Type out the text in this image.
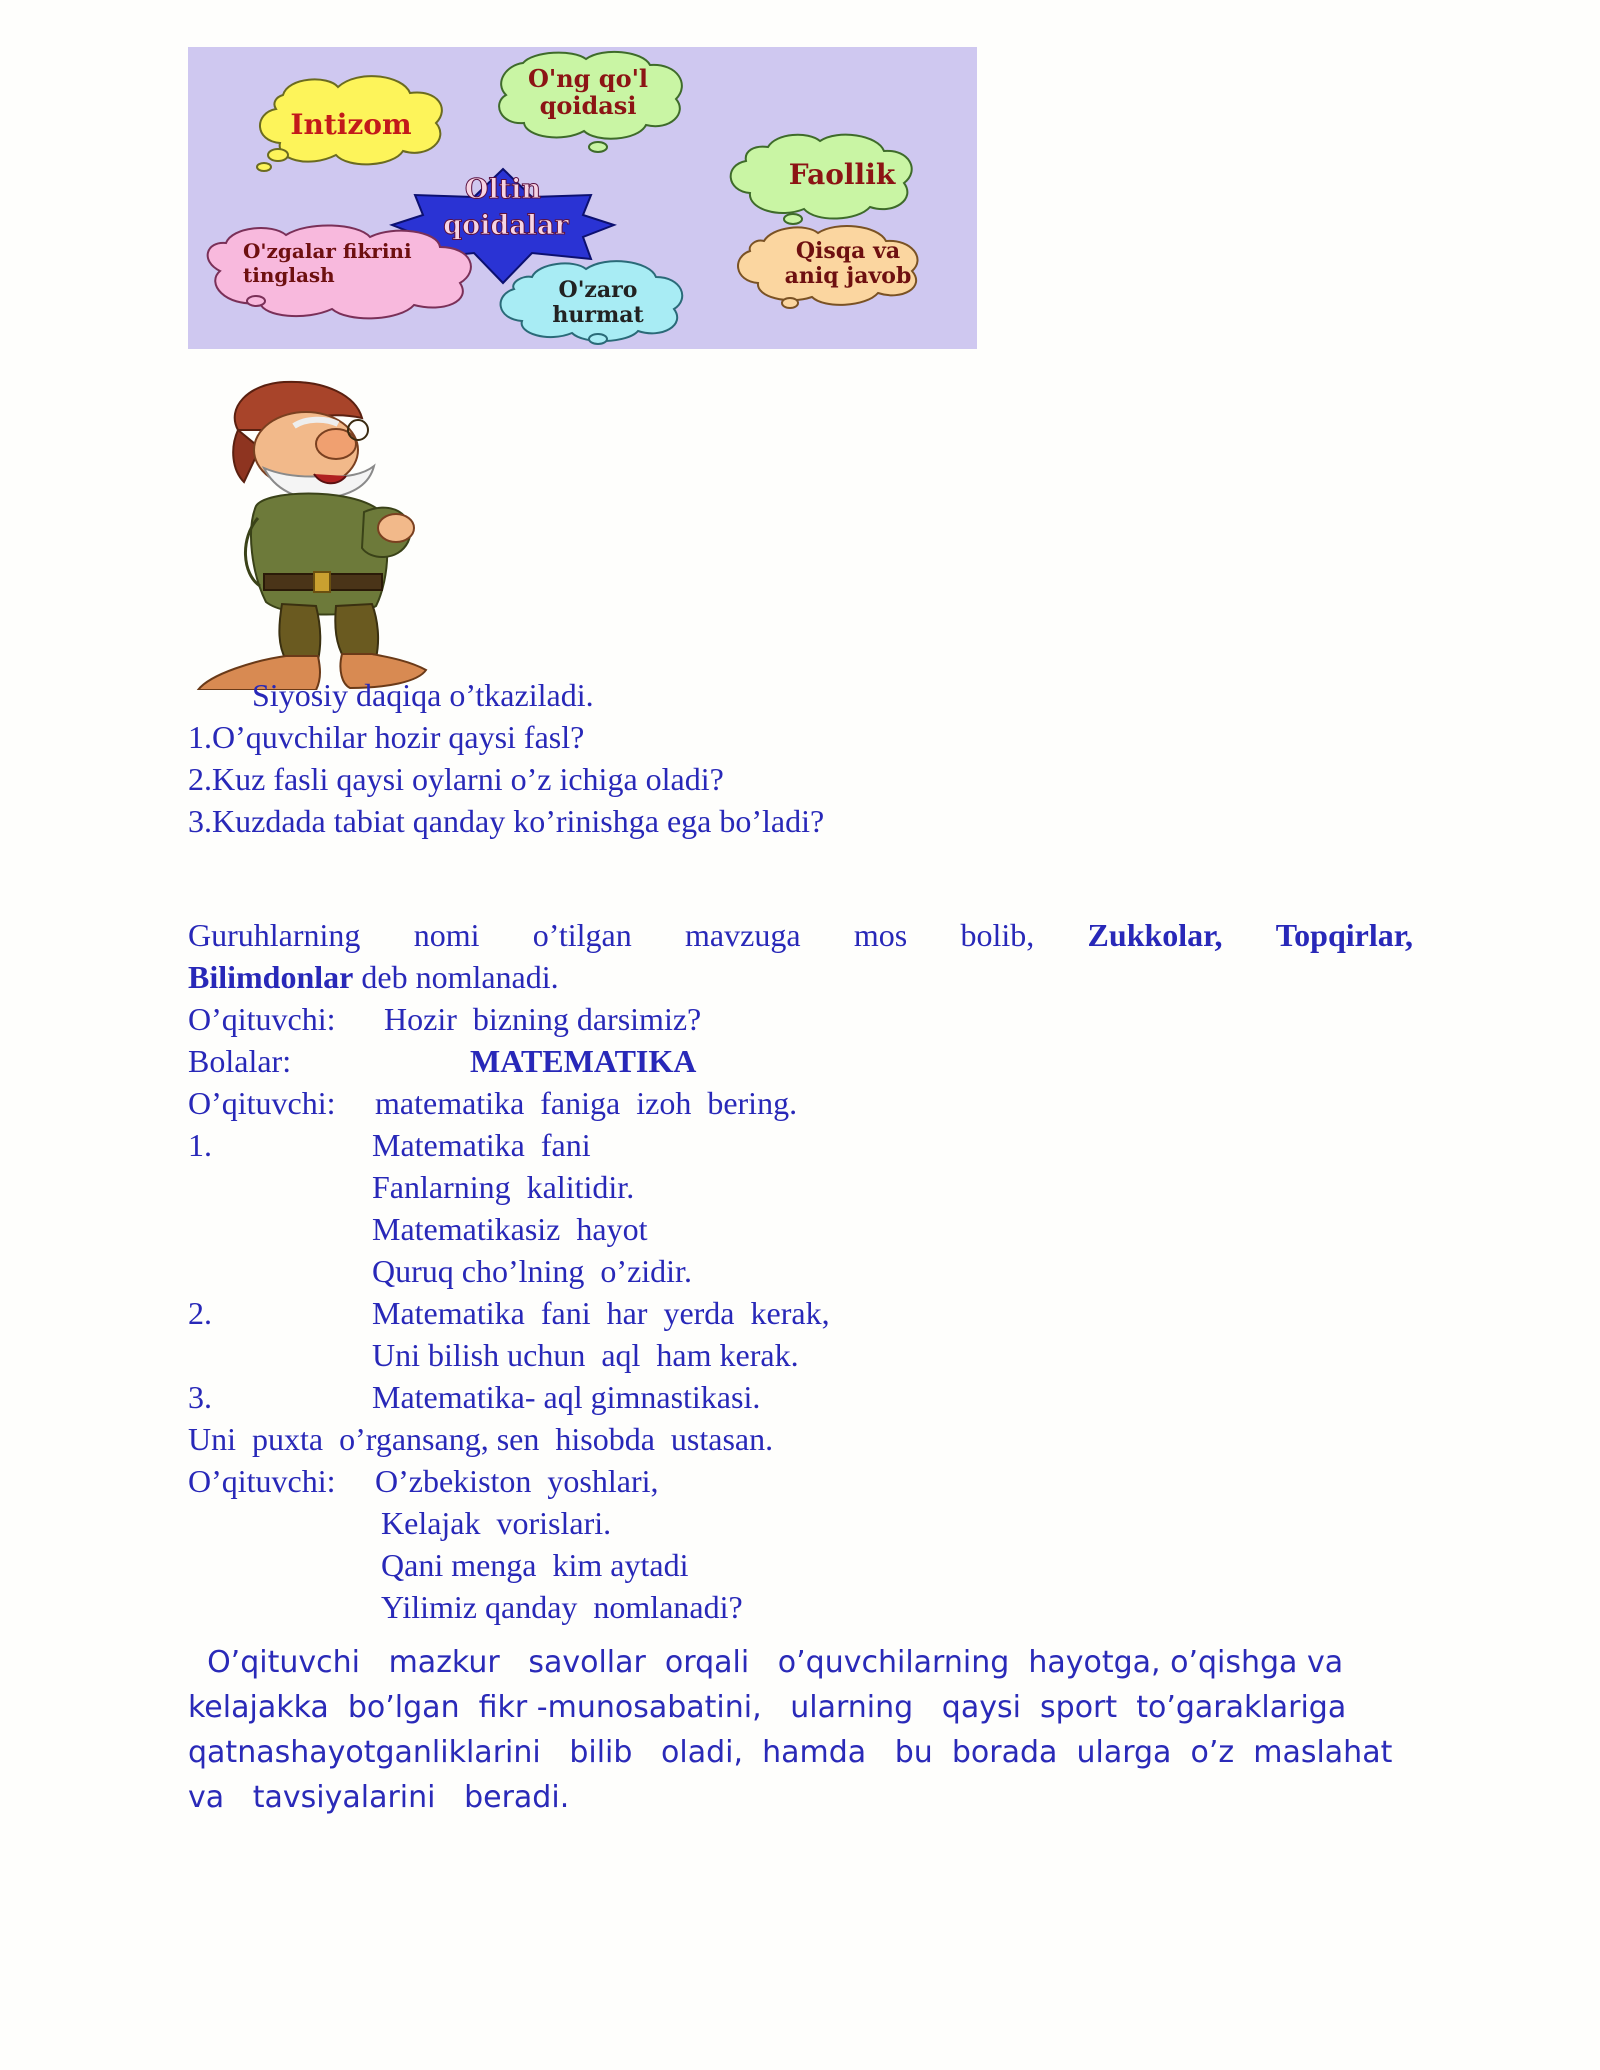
Intizom
O'ng qo'l
qoidasi
Faollik
Oltin
qoidalar
O'zgalar fikrini
tinglash
O'zaro
hurmat
Qisqa va
aniq javob
Siyosiy daqiqa o’tkaziladi.
1.O’quvchilar hozir qaysi fasl?
2.Kuz fasli qaysi oylarni o’z ichiga oladi?
3.Kuzdada tabiat qanday ko’rinishga ega bo’ladi?
Guruhlarning nomi o’tilgan mavzuga mos bolib, Zukkolar, Topqirlar,
Bilimdonlar deb nomlanadi.
O’qituvchi: Hozir  bizning darsimiz?
Bolalar:	MATEMATIKA
O’qituvchi: matematika  faniga  izoh  bering.
1.	Matematika  fani
Fanlarning  kalitidir.
Matematikasiz  hayot
Quruq cho’lning  o’zidir.
2.	Matematika  fani  har  yerda  kerak,
Uni bilish uchun  aql  ham kerak.
3.	Matematika- aql gimnastikasi.
Uni  puxta  o’rgansang, sen  hisobda  ustasan.
O’qituvchi: O’zbekiston  yoshlari,
Kelajak  vorislari.
Qani menga  kim aytadi
Yilimiz qanday  nomlanadi?
O’qituvchi   mazkur   savollar  orqali   o’quvchilarning  hayotga, o’qishga va
kelajakka  bo’lgan  fikr -munosabatini,   ularning   qaysi  sport  to’garaklariga
qatnashayotganliklarini   bilib   oladi,  hamda   bu  borada  ularga  o’z  maslahat
va   tavsiyalarini   beradi.
